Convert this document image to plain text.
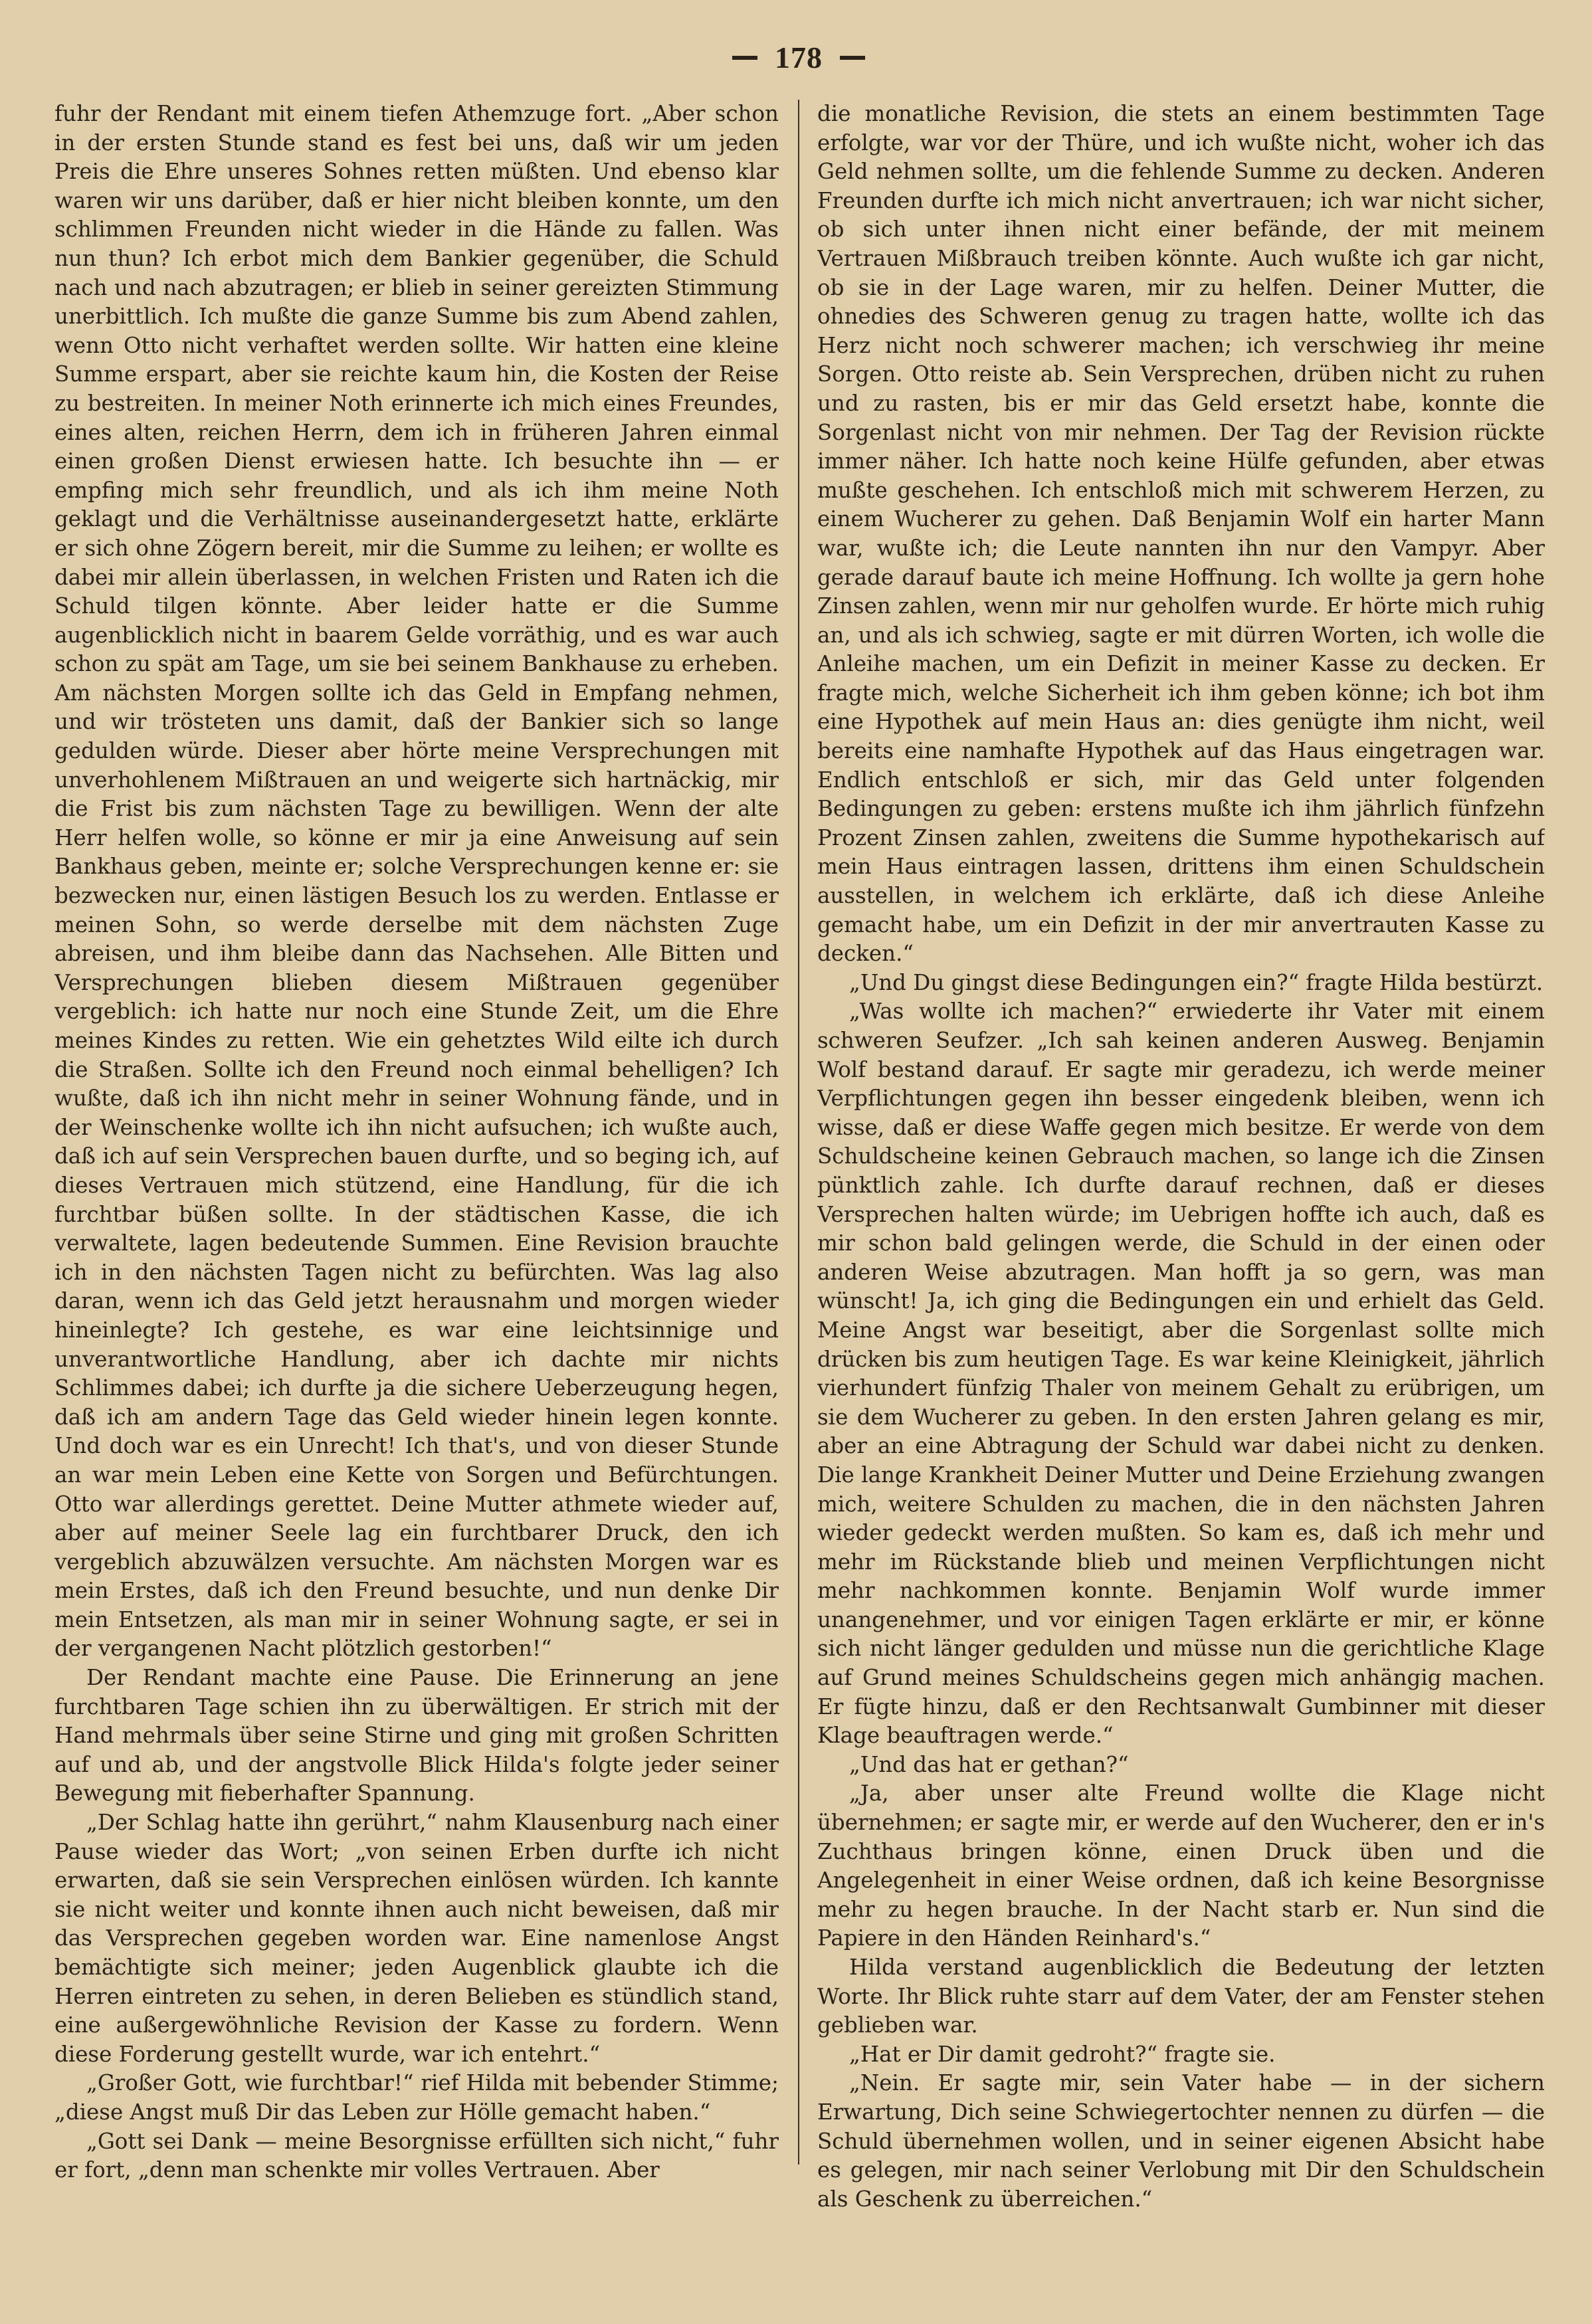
178

fuhr der Rendant mit einem tiefen Athemzuge fort. „Aber schon in der ersten Stunde stand es fest bei uns, daß wir um jeden Preis die Ehre unseres Sohnes retten müßten. Und ebenso klar waren wir uns darüber, daß er hier nicht bleiben konnte, um den schlimmen Freunden nicht wieder in die Hände zu fallen. Was nun thun? Ich erbot mich dem Bankier gegenüber, die Schuld nach und nach abzutragen; er blieb in seiner gereizten Stimmung unerbittlich. Ich mußte die ganze Summe bis zum Abend zahlen, wenn Otto nicht verhaftet werden sollte. Wir hatten eine kleine Summe erspart, aber sie reichte kaum hin, die Kosten der Reise zu bestreiten. In meiner Noth erinnerte ich mich eines Freundes, eines alten, reichen Herrn, dem ich in früheren Jahren einmal einen großen Dienst erwiesen hatte. Ich besuchte ihn — er empfing mich sehr freundlich, und als ich ihm meine Noth geklagt und die Verhältnisse auseinandergesetzt hatte, erklärte er sich ohne Zögern bereit, mir die Summe zu leihen; er wollte es dabei mir allein überlassen, in welchen Fristen und Raten ich die Schuld tilgen könnte. Aber leider hatte er die Summe augenblicklich nicht in baarem Gelde vorräthig, und es war auch schon zu spät am Tage, um sie bei seinem Bankhause zu erheben. Am nächsten Morgen sollte ich das Geld in Empfang nehmen, und wir trösteten uns damit, daß der Bankier sich so lange gedulden würde. Dieser aber hörte meine Versprechungen mit unverhohlenem Mißtrauen an und weigerte sich hartnäckig, mir die Frist bis zum nächsten Tage zu bewilligen. Wenn der alte Herr helfen wolle, so könne er mir ja eine Anweisung auf sein Bankhaus geben, meinte er; solche Versprechungen kenne er: sie bezwecken nur, einen lästigen Besuch los zu werden. Entlasse er meinen Sohn, so werde derselbe mit dem nächsten Zuge abreisen, und ihm bleibe dann das Nachsehen. Alle Bitten und Versprechungen blieben diesem Mißtrauen gegenüber vergeblich: ich hatte nur noch eine Stunde Zeit, um die Ehre meines Kindes zu retten. Wie ein gehetztes Wild eilte ich durch die Straßen. Sollte ich den Freund noch einmal behelligen? Ich wußte, daß ich ihn nicht mehr in seiner Wohnung fände, und in der Weinschenke wollte ich ihn nicht aufsuchen; ich wußte auch, daß ich auf sein Versprechen bauen durfte, und so beging ich, auf dieses Vertrauen mich stützend, eine Handlung, für die ich furchtbar büßen sollte. In der städtischen Kasse, die ich verwaltete, lagen bedeutende Summen. Eine Revision brauchte ich in den nächsten Tagen nicht zu befürchten. Was lag also daran, wenn ich das Geld jetzt herausnahm und morgen wieder hineinlegte? Ich gestehe, es war eine leichtsinnige und unverantwortliche Handlung, aber ich dachte mir nichts Schlimmes dabei; ich durfte ja die sichere Ueberzeugung hegen, daß ich am andern Tage das Geld wieder hinein legen konnte. Und doch war es ein Unrecht! Ich that's, und von dieser Stunde an war mein Leben eine Kette von Sorgen und Befürchtungen. Otto war allerdings gerettet. Deine Mutter athmete wieder auf, aber auf meiner Seele lag ein furchtbarer Druck, den ich vergeblich abzuwälzen versuchte. Am nächsten Morgen war es mein Erstes, daß ich den Freund besuchte, und nun denke Dir mein Entsetzen, als man mir in seiner Wohnung sagte, er sei in der vergangenen Nacht plötzlich gestorben!“

Der Rendant machte eine Pause. Die Erinnerung an jene furchtbaren Tage schien ihn zu überwältigen. Er strich mit der Hand mehrmals über seine Stirne und ging mit großen Schritten auf und ab, und der angstvolle Blick Hilda's folgte jeder seiner Bewegung mit fieberhafter Spannung.

„Der Schlag hatte ihn gerührt,“ nahm Klausenburg nach einer Pause wieder das Wort; „von seinen Erben durfte ich nicht erwarten, daß sie sein Versprechen einlösen würden. Ich kannte sie nicht weiter und konnte ihnen auch nicht beweisen, daß mir das Versprechen gegeben worden war. Eine namenlose Angst bemächtigte sich meiner; jeden Augenblick glaubte ich die Herren eintreten zu sehen, in deren Belieben es stündlich stand, eine außergewöhnliche Revision der Kasse zu fordern. Wenn diese Forderung gestellt wurde, war ich entehrt.“

„Großer Gott, wie furchtbar!“ rief Hilda mit bebender Stimme; „diese Angst muß Dir das Leben zur Hölle gemacht haben.“

„Gott sei Dank — meine Besorgnisse erfüllten sich nicht,“ fuhr er fort, „denn man schenkte mir volles Vertrauen. Aber

die monatliche Revision, die stets an einem bestimmten Tage erfolgte, war vor der Thüre, und ich wußte nicht, woher ich das Geld nehmen sollte, um die fehlende Summe zu decken. Anderen Freunden durfte ich mich nicht anvertrauen; ich war nicht sicher, ob sich unter ihnen nicht einer befände, der mit meinem Vertrauen Mißbrauch treiben könnte. Auch wußte ich gar nicht, ob sie in der Lage waren, mir zu helfen. Deiner Mutter, die ohnedies des Schweren genug zu tragen hatte, wollte ich das Herz nicht noch schwerer machen; ich verschwieg ihr meine Sorgen. Otto reiste ab. Sein Versprechen, drüben nicht zu ruhen und zu rasten, bis er mir das Geld ersetzt habe, konnte die Sorgenlast nicht von mir nehmen. Der Tag der Revision rückte immer näher. Ich hatte noch keine Hülfe gefunden, aber etwas mußte geschehen. Ich entschloß mich mit schwerem Herzen, zu einem Wucherer zu gehen. Daß Benjamin Wolf ein harter Mann war, wußte ich; die Leute nannten ihn nur den Vampyr. Aber gerade darauf baute ich meine Hoffnung. Ich wollte ja gern hohe Zinsen zahlen, wenn mir nur geholfen wurde. Er hörte mich ruhig an, und als ich schwieg, sagte er mit dürren Worten, ich wolle die Anleihe machen, um ein Defizit in meiner Kasse zu decken. Er fragte mich, welche Sicherheit ich ihm geben könne; ich bot ihm eine Hypothek auf mein Haus an: dies genügte ihm nicht, weil bereits eine namhafte Hypothek auf das Haus eingetragen war. Endlich entschloß er sich, mir das Geld unter folgenden Bedingungen zu geben: erstens mußte ich ihm jährlich fünfzehn Prozent Zinsen zahlen, zweitens die Summe hypothekarisch auf mein Haus eintragen lassen, drittens ihm einen Schuldschein ausstellen, in welchem ich erklärte, daß ich diese Anleihe gemacht habe, um ein Defizit in der mir anvertrauten Kasse zu decken.“

„Und Du gingst diese Bedingungen ein?“ fragte Hilda bestürzt.

„Was wollte ich machen?“ erwiederte ihr Vater mit einem schweren Seufzer. „Ich sah keinen anderen Ausweg. Benjamin Wolf bestand darauf. Er sagte mir geradezu, ich werde meiner Verpflichtungen gegen ihn besser eingedenk bleiben, wenn ich wisse, daß er diese Waffe gegen mich besitze. Er werde von dem Schuldscheine keinen Gebrauch machen, so lange ich die Zinsen pünktlich zahle. Ich durfte darauf rechnen, daß er dieses Versprechen halten würde; im Uebrigen hoffte ich auch, daß es mir schon bald gelingen werde, die Schuld in der einen oder anderen Weise abzutragen. Man hofft ja so gern, was man wünscht! Ja, ich ging die Bedingungen ein und erhielt das Geld. Meine Angst war beseitigt, aber die Sorgenlast sollte mich drücken bis zum heutigen Tage. Es war keine Kleinigkeit, jährlich vierhundert fünfzig Thaler von meinem Gehalt zu erübrigen, um sie dem Wucherer zu geben. In den ersten Jahren gelang es mir, aber an eine Abtragung der Schuld war dabei nicht zu denken. Die lange Krankheit Deiner Mutter und Deine Erziehung zwangen mich, weitere Schulden zu machen, die in den nächsten Jahren wieder gedeckt werden mußten. So kam es, daß ich mehr und mehr im Rückstande blieb und meinen Verpflichtungen nicht mehr nachkommen konnte. Benjamin Wolf wurde immer unangenehmer, und vor einigen Tagen erklärte er mir, er könne sich nicht länger gedulden und müsse nun die gerichtliche Klage auf Grund meines Schuldscheins gegen mich anhängig machen. Er fügte hinzu, daß er den Rechtsanwalt Gumbinner mit dieser Klage beauftragen werde.“

„Und das hat er gethan?“

„Ja, aber unser alte Freund wollte die Klage nicht übernehmen; er sagte mir, er werde auf den Wucherer, den er in's Zuchthaus bringen könne, einen Druck üben und die Angelegenheit in einer Weise ordnen, daß ich keine Besorgnisse mehr zu hegen brauche. In der Nacht starb er. Nun sind die Papiere in den Händen Reinhard's.“

Hilda verstand augenblicklich die Bedeutung der letzten Worte. Ihr Blick ruhte starr auf dem Vater, der am Fenster stehen geblieben war.

„Hat er Dir damit gedroht?“ fragte sie.

„Nein. Er sagte mir, sein Vater habe — in der sichern Erwartung, Dich seine Schwiegertochter nennen zu dürfen — die Schuld übernehmen wollen, und in seiner eigenen Absicht habe es gelegen, mir nach seiner Verlobung mit Dir den Schuldschein als Geschenk zu überreichen.“
